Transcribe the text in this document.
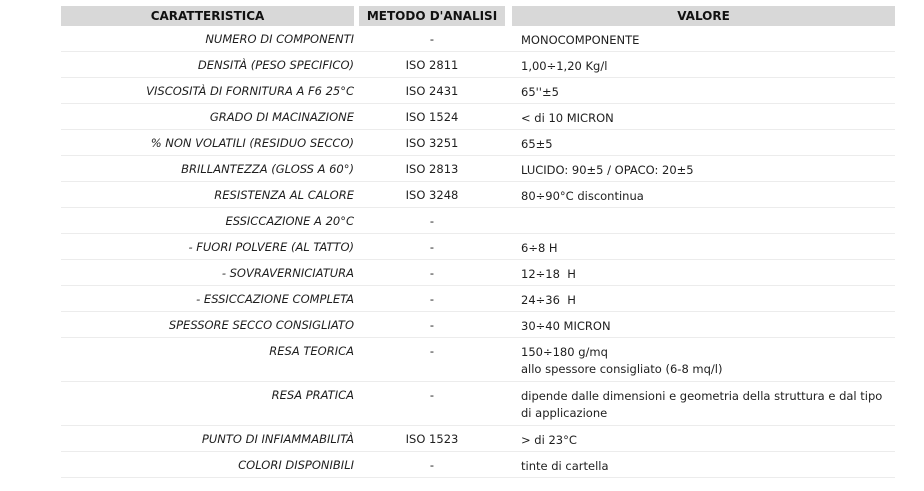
CARATTERISTICA	METODO D'ANALISI	VALORE
NUMERO DI COMPONENTI	-	MONOCOMPONENTE
DENSITÀ (PESO SPECIFICO)	ISO 2811	1,00÷1,20 Kg/l
VISCOSITÀ DI FORNITURA A F6 25°C	ISO 2431	65''±5
GRADO DI MACINAZIONE	ISO 1524	< di 10 MICRON
% NON VOLATILI (RESIDUO SECCO)	ISO 3251	65±5
BRILLANTEZZA (GLOSS A 60°)	ISO 2813	LUCIDO: 90±5 / OPACO: 20±5
RESISTENZA AL CALORE	ISO 3248	80÷90°C discontinua
ESSICCAZIONE A 20°C	-
- FUORI POLVERE (AL TATTO)	-	6÷8 H
- SOVRAVERNICIATURA	-	12÷18  H
- ESSICCAZIONE COMPLETA	-	24÷36  H
SPESSORE SECCO CONSIGLIATO	-	30÷40 MICRON
RESA TEORICA	-	150÷180 g/mq
allo spessore consigliato (6-8 mq/l)
RESA PRATICA	-	dipende dalle dimensioni e geometria della struttura e dal tipo
di applicazione
PUNTO DI INFIAMMABILITÀ	ISO 1523	> di 23°C
COLORI DISPONIBILI	-	tinte di cartella
